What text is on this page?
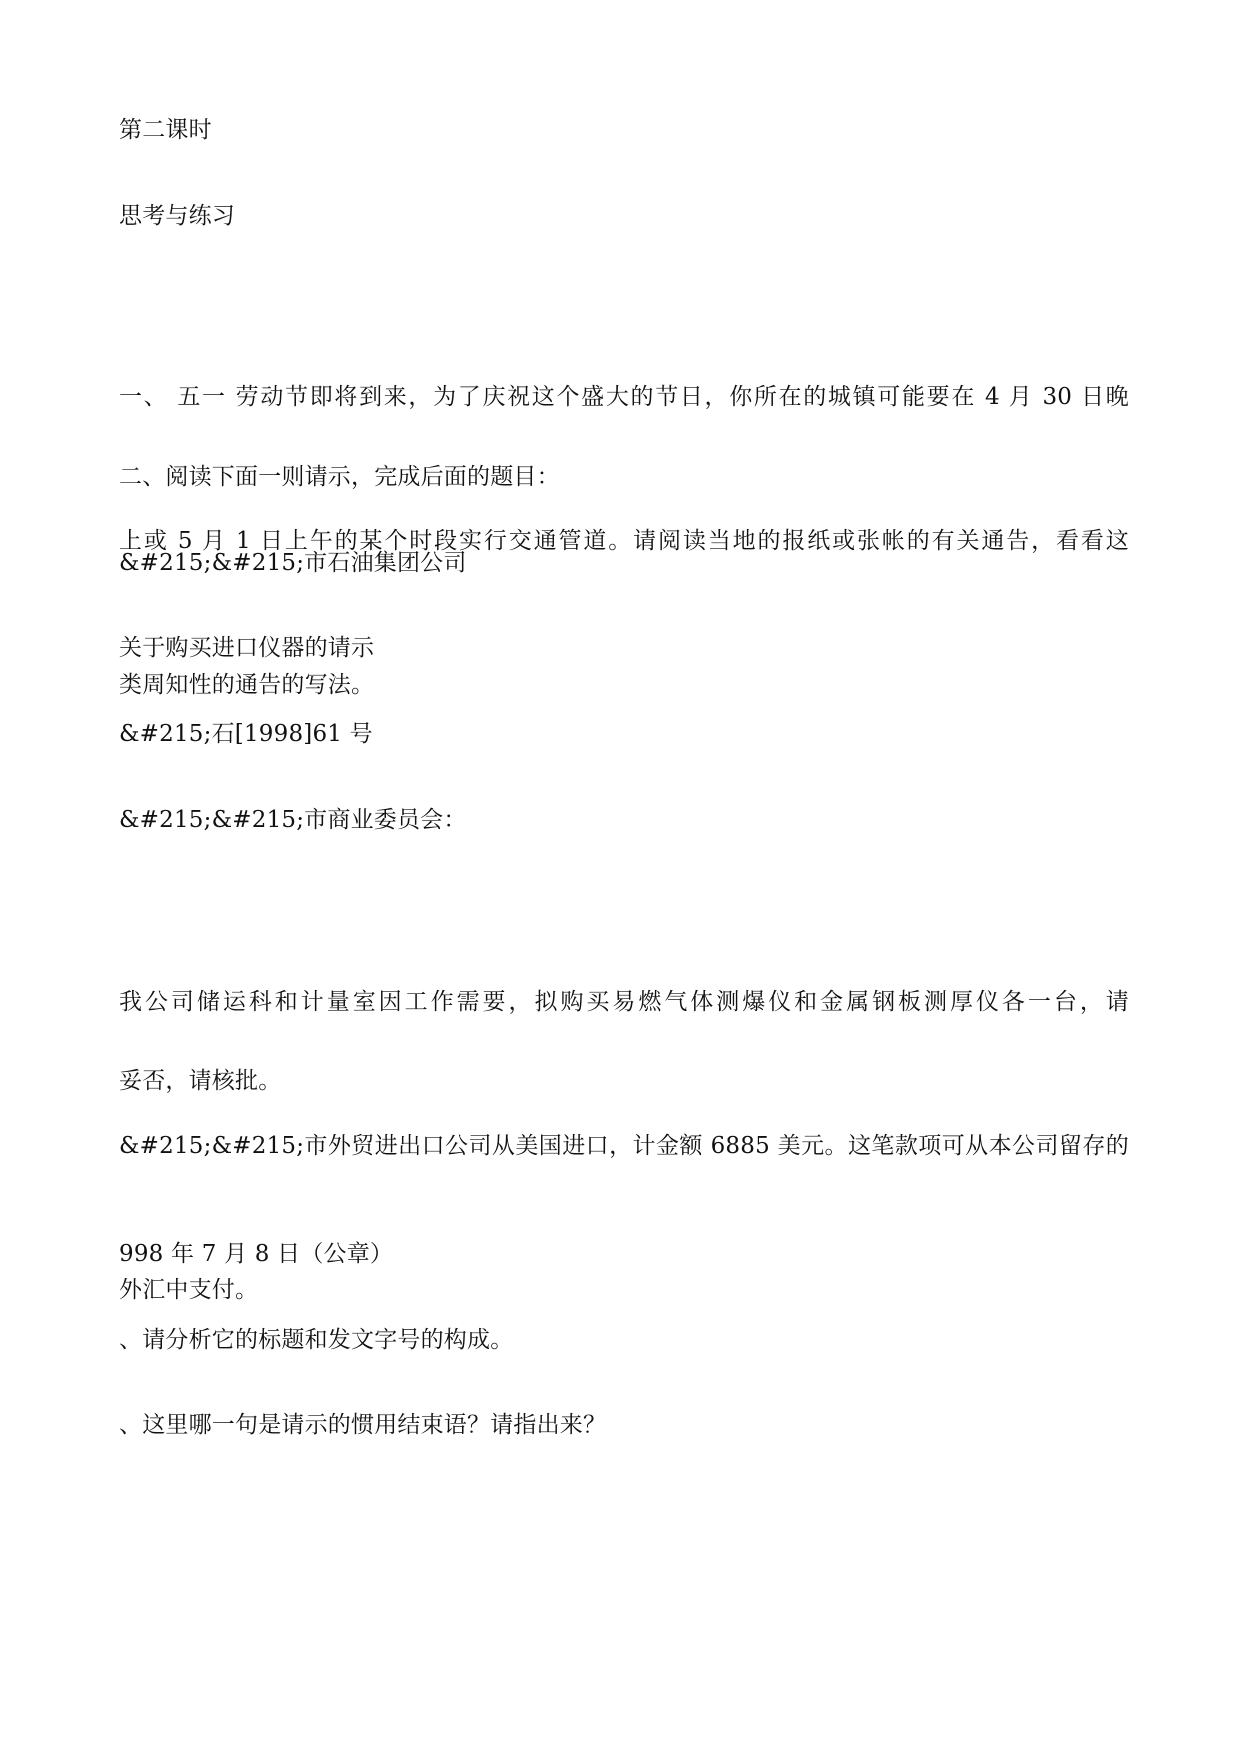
第二课时

思考与练习

一、 五一 劳动节即将到来，为了庆祝这个盛大的节日，你所在的城镇可能要在 4 月 30 日晚

上或 5 月 1 日上午的某个时段实行交通管道。请阅读当地的报纸或张帐的有关通告，看看这

类周知性的通告的写法。

二、阅读下面一则请示，完成后面的题目：

&#215;&#215;市石油集团公司

关于购买进口仪器的请示

&#215;石[1998]61 号

&#215;&#215;市商业委员会：

我公司储运科和计量室因工作需要，拟购买易燃气体测爆仪和金属钢板测厚仪各一台，请

&#215;&#215;市外贸进出口公司从美国进口，计金额 6885 美元。这笔款项可从本公司留存的

外汇中支付。

妥否，请核批。

998 年 7 月 8 日（公章）

、请分析它的标题和发文字号的构成。

、这里哪一句是请示的惯用结束语？请指出来？
